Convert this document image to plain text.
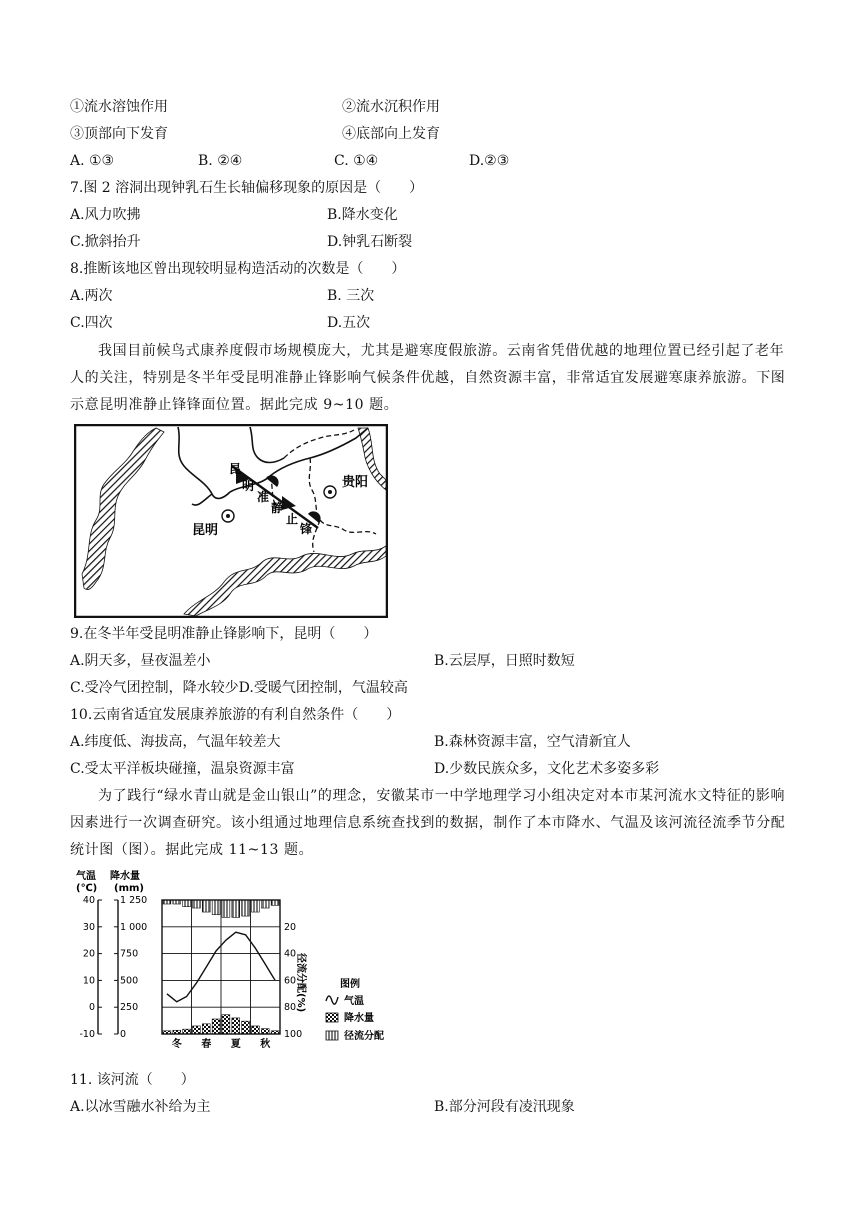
①流水溶蚀作用	②流水沉积作用
③顶部向下发育	④底部向上发育
A. ①③	B. ②④	C. ①④	D.②③
7.图 2 溶洞出现钟乳石生长轴偏移现象的原因是（　　）
A.风力吹拂	B.降水变化
C.掀斜抬升	D.钟乳石断裂
8.推断该地区曾出现较明显构造活动的次数是（　　）
A.两次	B. 三次
C.四次	D.五次
我国目前候鸟式康养度假市场规模庞大，尤其是避寒度假旅游。云南省凭借优越的地理位置已经引起了老年人的关注，特别是冬半年受昆明准静止锋影响气候条件优越，自然资源丰富，非常适宜发展避寒康养旅游。下图示意昆明准静止锋锋面位置。据此完成 9~10 题。
昆明
贵阳
昆
明
准
静
止
锋
9.在冬半年受昆明准静止锋影响下，昆明（　　）
A.阴天多，昼夜温差小	B.云层厚，日照时数短
C.受冷气团控制，降水较少D.受暖气团控制，气温较高
10.云南省适宜发展康养旅游的有利自然条件（　　）
A.纬度低、海拔高，气温年较差大	B.森林资源丰富，空气清新宜人
C.受太平洋板块碰撞，温泉资源丰富	D.少数民族众多，文化艺术多姿多彩
为了践行“绿水青山就是金山银山”的理念，安徽某市一中学地理学习小组决定对本市某河流水文特征的影响因素进行一次调查研究。该小组通过地理信息系统查找到的数据，制作了本市降水、气温及该河流径流季节分配统计图（图）。据此完成 11~13 题。
气温
(℃)
降水量
(mm)
径流分配(%)
40
30
20
10
0
-10
1 250
1 000
750
500
250
0
20
40
60
80
100
冬 春 夏 秋
图例
气温
降水量
径流分配
11. 该河流（　　）
A.以冰雪融水补给为主	B.部分河段有凌汛现象
